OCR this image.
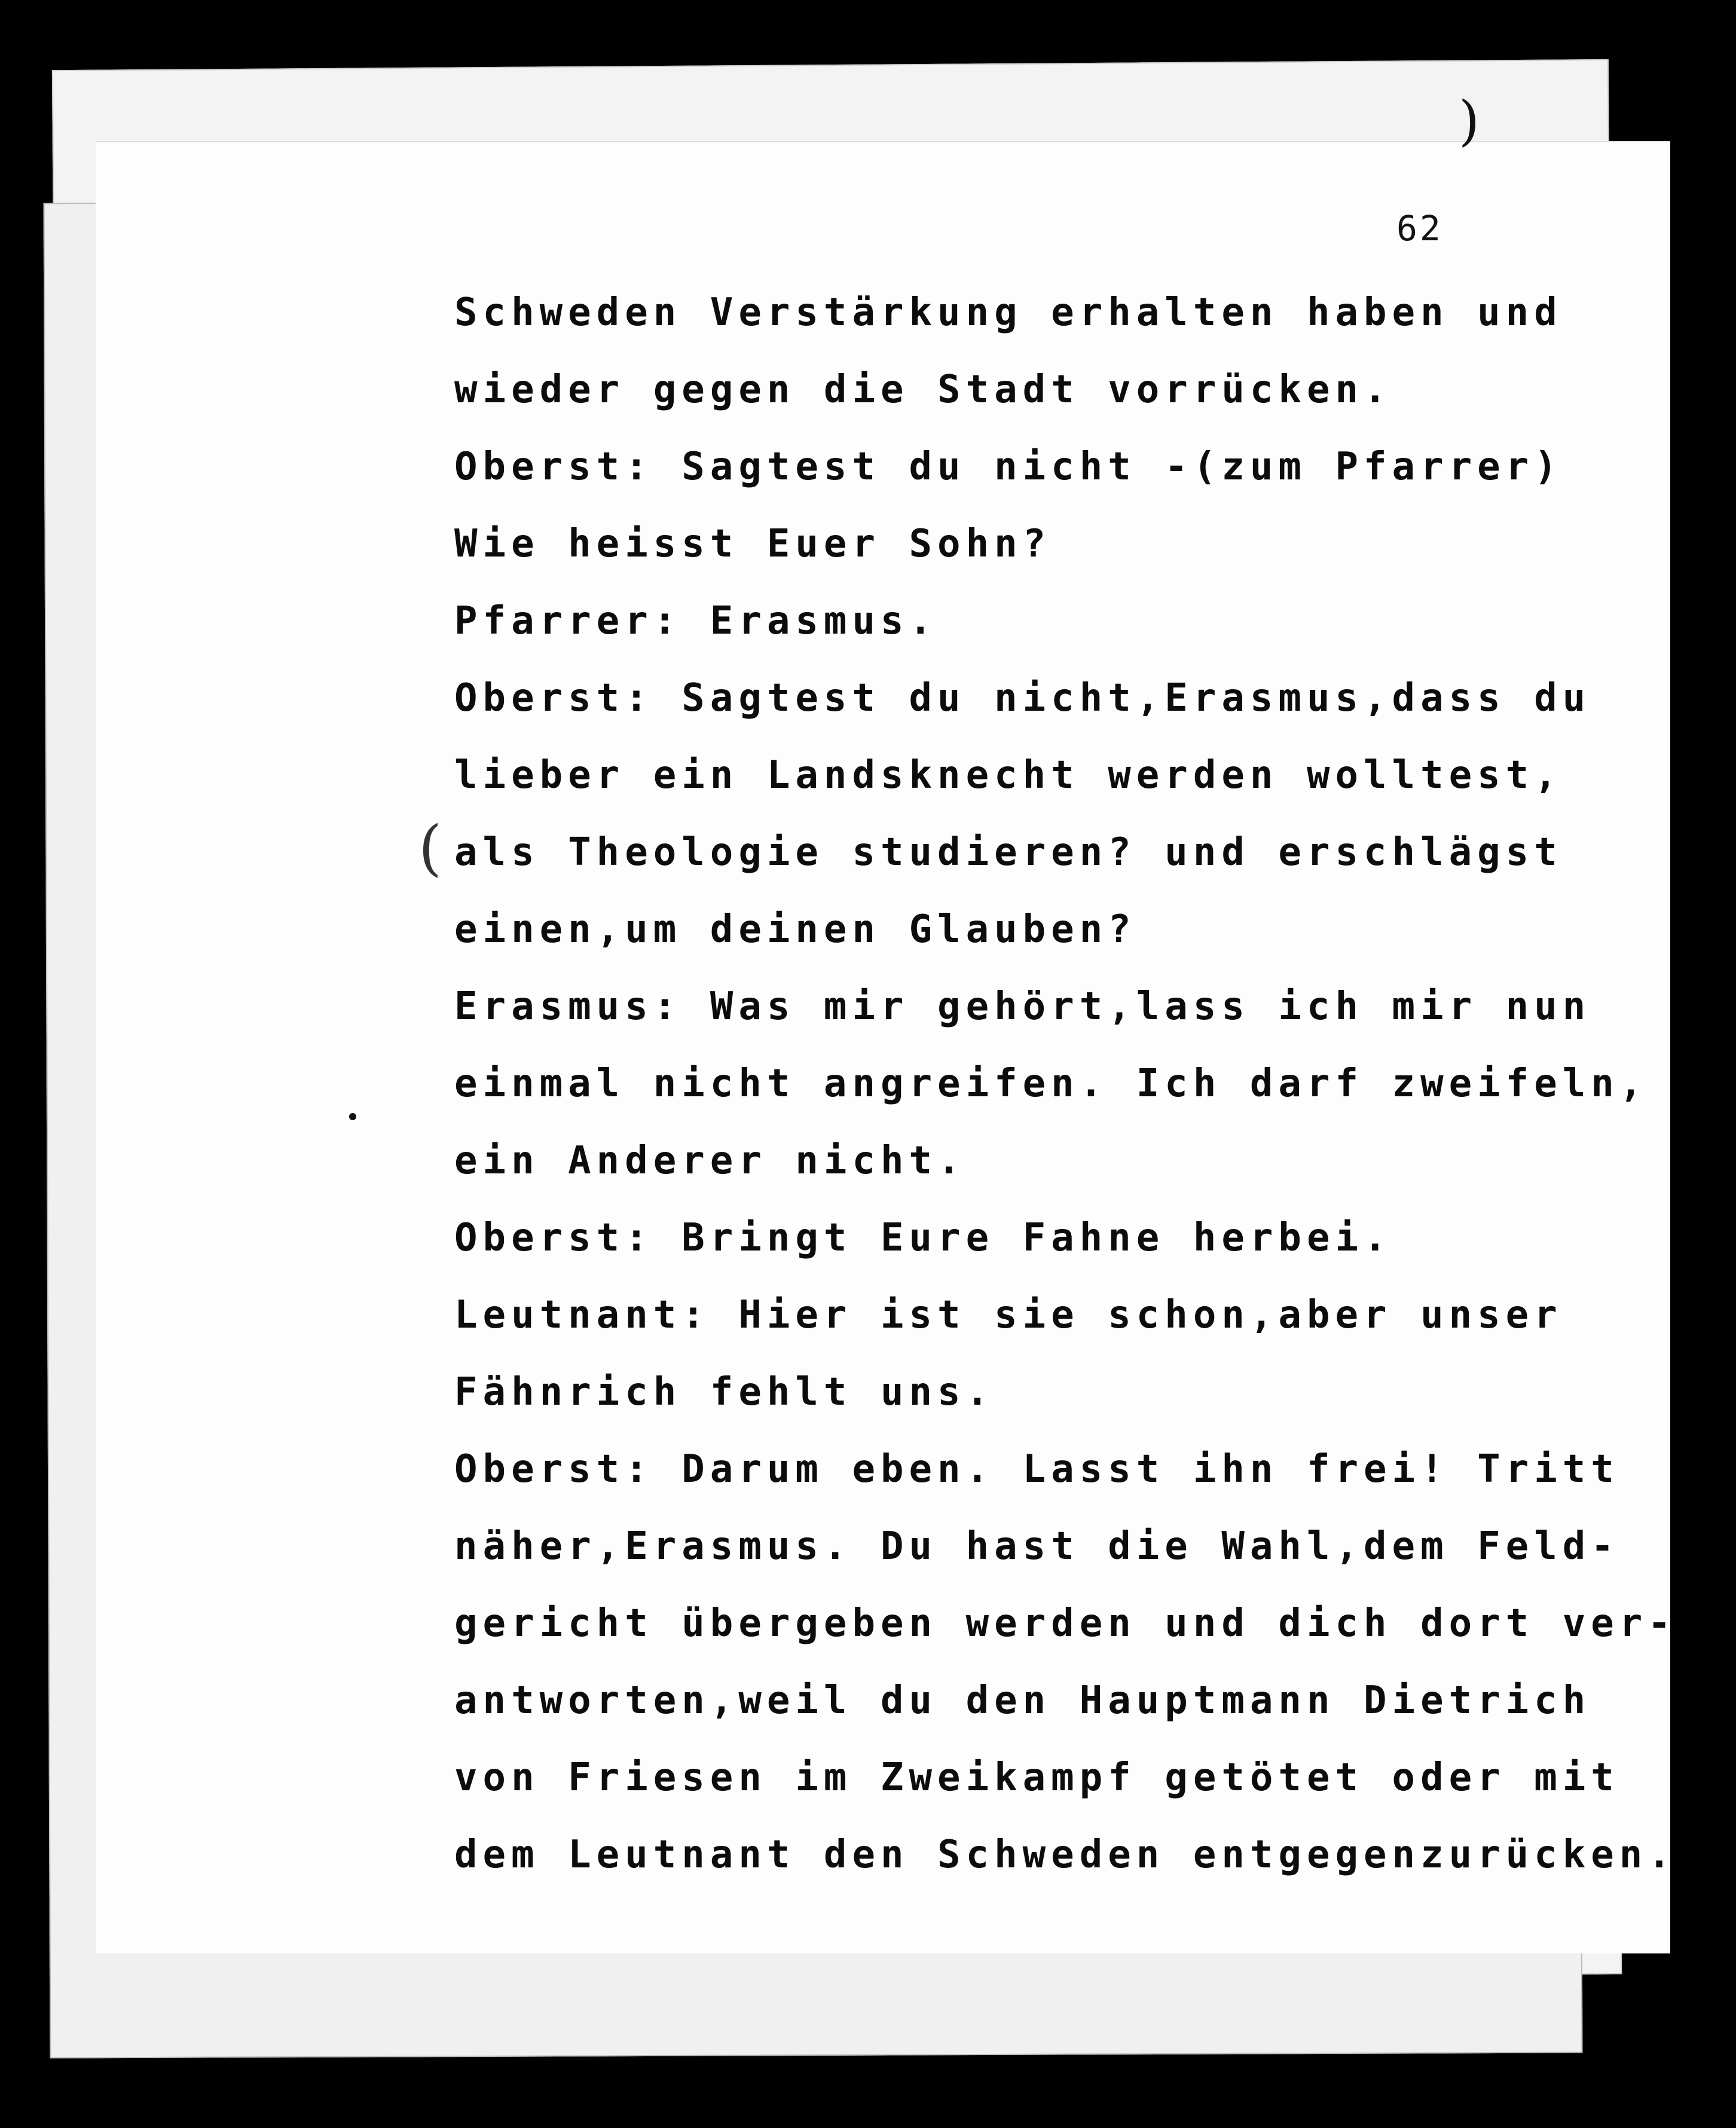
)
62
(
Schweden Verstärkung erhalten haben und
wieder gegen die Stadt vorrücken.
Oberst: Sagtest du nicht -(zum Pfarrer)
Wie heisst Euer Sohn?
Pfarrer: Erasmus.
Oberst: Sagtest du nicht,Erasmus,dass du
lieber ein Landsknecht werden wolltest,
als Theologie studieren? und erschlägst
einen,um deinen Glauben?
Erasmus: Was mir gehört,lass ich mir nun
einmal nicht angreifen. Ich darf zweifeln,
ein Anderer nicht.
Oberst: Bringt Eure Fahne herbei.
Leutnant: Hier ist sie schon,aber unser
Fähnrich fehlt uns.
Oberst: Darum eben. Lasst ihn frei! Tritt
näher,Erasmus. Du hast die Wahl,dem Feld-
gericht übergeben werden und dich dort ver-
antworten,weil du den Hauptmann Dietrich
von Friesen im Zweikampf getötet oder mit
dem Leutnant den Schweden entgegenzurücken.
